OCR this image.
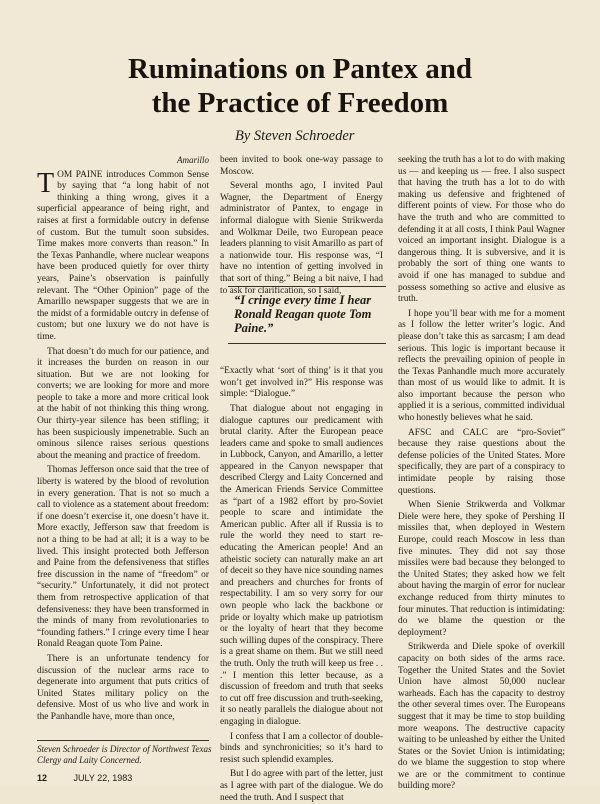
Ruminations on Pantex and
the Practice of Freedom
By Steven Schroeder
Amarillo

TOM PAINE introduces Common Sense by saying that “a long habit of not thinking a thing wrong, gives it a superficial appearance of being right, and raises at first a formidable outcry in defense of custom. But the tumult soon subsides. Time makes more converts than reason.” In the Texas Panhandle, where nuclear weapons have been produced quietly for over thirty years, Paine’s observation is painfully relevant. The “Other Opinion” page of the Amarillo newspaper suggests that we are in the midst of a formidable outcry in defense of custom; but one luxury we do not have is time.

That doesn’t do much for our patience, and it increases the burden on reason in our situation. But we are not looking for converts; we are looking for more and more people to take a more and more critical look at the habit of not thinking this thing wrong. Our thirty-year silence has been stifling; it has been suspiciously impenetrable. Such an ominous silence raises serious questions about the meaning and practice of freedom.

Thomas Jefferson once said that the tree of liberty is watered by the blood of revolution in every generation. That is not so much a call to violence as a statement about freedom: if one doesn’t exercise it, one doesn’t have it. More exactly, Jefferson saw that freedom is not a thing to be had at all; it is a way to be lived. This insight protected both Jefferson and Paine from the defensiveness that stifles free discussion in the name of “freedom” or “security.” Unfortunately, it did not protect them from retrospective application of that defensiveness: they have been transformed in the minds of many from revolutionaries to “founding fathers.” I cringe every time I hear Ronald Reagan quote Tom Paine.

There is an unfortunate tendency for discussion of the nuclear arms race to degenerate into argument that puts critics of United States military policy on the defensive. Most of us who live and work in the Panhandle have, more than once,

Steven Schroeder is Director of Northwest Texas Clergy and Laity Concerned.

been invited to book one-way passage to Moscow.

Several months ago, I invited Paul Wagner, the Department of Energy administrator of Pantex, to engage in informal dialogue with Sienie Strikwerda and Wolkmar Deile, two European peace leaders planning to visit Amarillo as part of a nationwide tour. His response was, “I have no intention of getting involved in that sort of thing.” Being a bit naive, I had to ask for clarification, so I said,

“Exactly what ‘sort of thing’ is it that you won’t get involved in?” His response was simple: “Dialogue.”

That dialogue about not engaging in dialogue captures our predicament with brutal clarity. After the European peace leaders came and spoke to small audiences in Lubbock, Canyon, and Amarillo, a letter appeared in the Canyon newspaper that described Clergy and Laity Concerned and the American Friends Service Committee as “part of a 1982 effort by pro-Soviet people to scare and intimidate the American public. After all if Russia is to rule the world they need to start re-educating the American people! And an atheistic society can naturally make an art of deceit so they have nice sounding names and preachers and churches for fronts of respectability. I am so very sorry for our own people who lack the backbone or pride or loyalty which make up patriotism or the loyalty of heart that they become such willing dupes of the conspiracy. There is a great shame on them. But we still need the truth. Only the truth will keep us free . . .” I mention this letter because, as a discussion of freedom and truth that seeks to cut off free discussion and truth-seeking, it so neatly parallels the dialogue about not engaging in dialogue.

I confess that I am a collector of double-binds and synchronicities; so it’s hard to resist such splendid examples.

But I do agree with part of the letter, just as I agree with part of the dialogue. We do need the truth. And I suspect that

“I cringe every time I hear Ronald Reagan quote Tom Paine.”

seeking the truth has a lot to do with making us — and keeping us — free. I also suspect that having the truth has a lot to do with making us defensive and frightened of different points of view. For those who do have the truth and who are committed to defending it at all costs, I think Paul Wagner voiced an important insight. Dialogue is a dangerous thing. It is subversive, and it is probably the sort of thing one wants to avoid if one has managed to subdue and possess something so active and elusive as truth.

I hope you’ll bear with me for a moment as I follow the letter writer’s logic. And please don’t take this as sarcasm; I am dead serious. This logic is important because it reflects the prevailing opinion of people in the Texas Panhandle much more accurately than most of us would like to admit. It is also important because the person who applied it is a serious, committed individual who honestly believes what he said.

AFSC and CALC are “pro-Soviet” because they raise questions about the defense policies of the United States. More specifically, they are part of a conspiracy to intimidate people by raising those questions.

When Sienie Strikwerda and Volkmar Diele were here, they spoke of Pershing II missiles that, when deployed in Western Europe, could reach Moscow in less than five minutes. They did not say those missiles were bad because they belonged to the United States; they asked how we felt about having the margin of error for nuclear exchange reduced from thirty minutes to four minutes. That reduction is intimidating: do we blame the question or the deployment?

Strikwerda and Diele spoke of overkill capacity on both sides of the arms race. Together the United States and the Soviet Union have almost 50,000 nuclear warheads. Each has the capacity to destroy the other several times over. The Europeans suggest that it may be time to stop building more weapons. The destructive capacity waiting to be unleashed by either the United States or the Soviet Union is intimidating; do we blame the suggestion to stop where we are or the commitment to continue building more?

12	JULY 22, 1983
